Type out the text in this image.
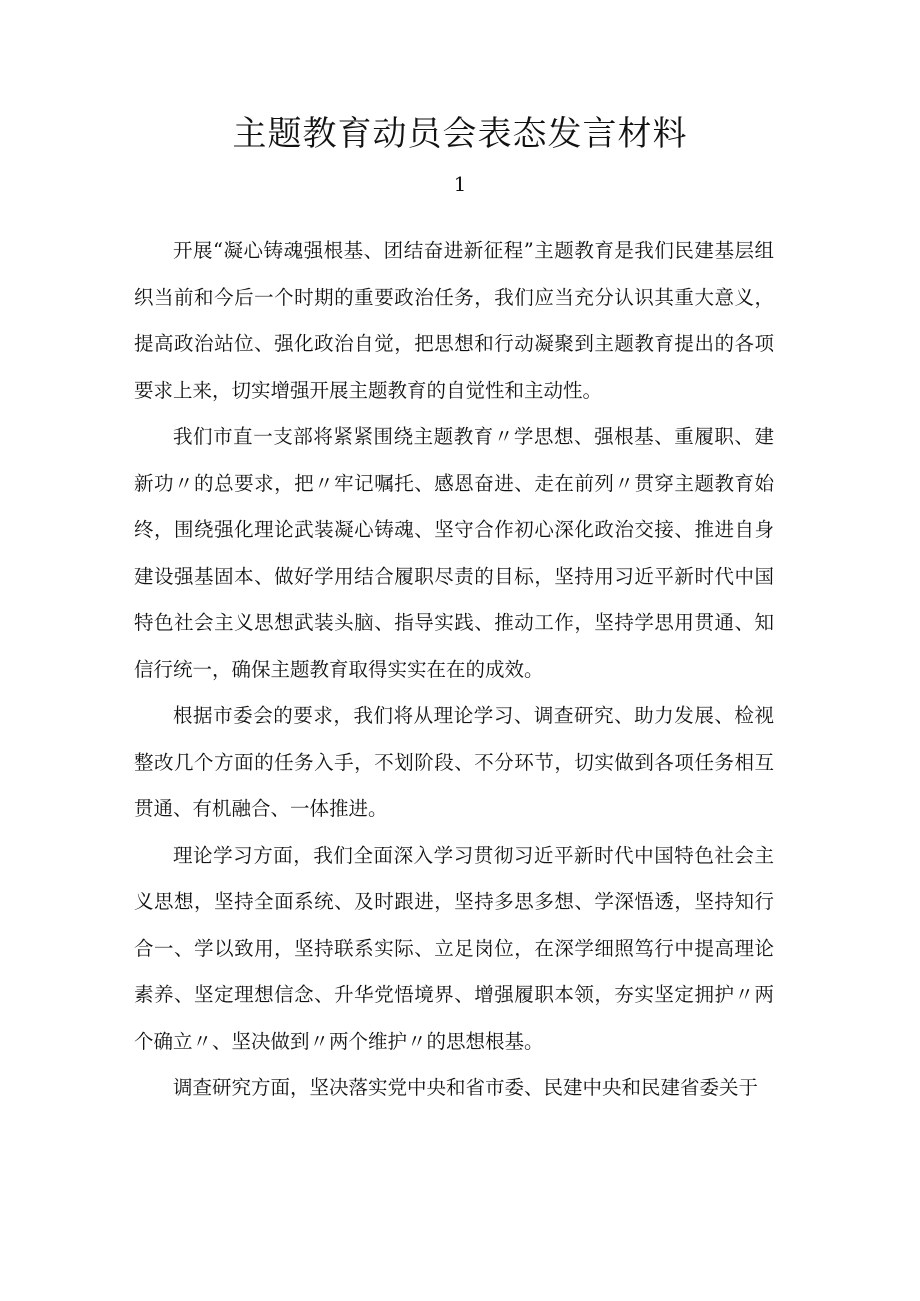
主题教育动员会表态发言材料
1

开展“凝心铸魂强根基、团结奋进新征程”主题教育是我们民建基层组织当前和今后一个时期的重要政治任务，我们应当充分认识其重大意义，提高政治站位、强化政治自觉，把思想和行动凝聚到主题教育提出的各项要求上来，切实增强开展主题教育的自觉性和主动性。

我们市直一支部将紧紧围绕主题教育〃学思想、强根基、重履职、建新功〃的总要求，把〃牢记嘱托、感恩奋进、走在前列〃贯穿主题教育始终，围绕强化理论武装凝心铸魂、坚守合作初心深化政治交接、推进自身建设强基固本、做好学用结合履职尽责的目标，坚持用习近平新时代中国特色社会主义思想武装头脑、指导实践、推动工作，坚持学思用贯通、知信行统一，确保主题教育取得实实在在的成效。

根据市委会的要求，我们将从理论学习、调查研究、助力发展、检视整改几个方面的任务入手，不划阶段、不分环节，切实做到各项任务相互贯通、有机融合、一体推进。

理论学习方面，我们全面深入学习贯彻习近平新时代中国特色社会主义思想，坚持全面系统、及时跟进，坚持多思多想、学深悟透，坚持知行合一、学以致用，坚持联系实际、立足岗位，在深学细照笃行中提高理论素养、坚定理想信念、升华党悟境界、增强履职本领，夯实坚定拥护〃两个确立〃、坚决做到〃两个维护〃的思想根基。

调查研究方面，坚决落实党中央和省市委、民建中央和民建省委关于
